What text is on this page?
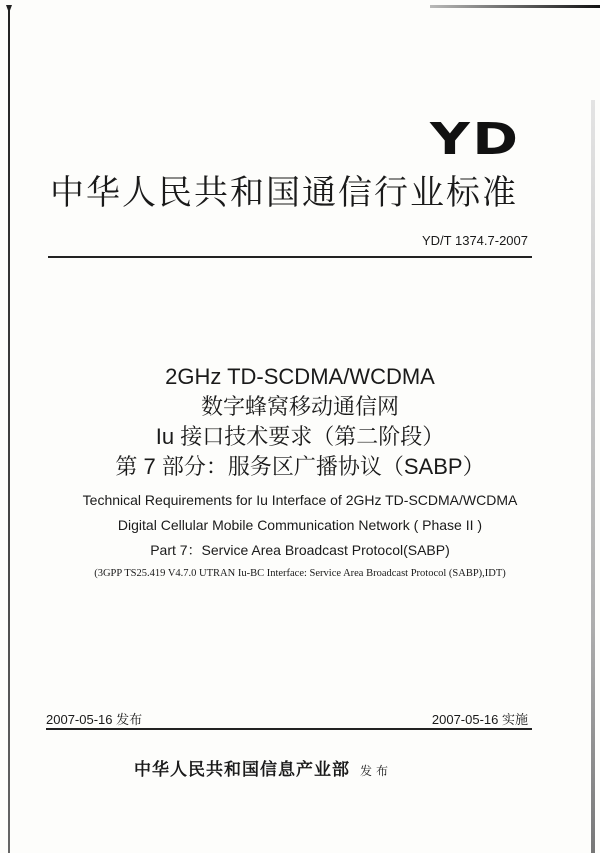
YD
中华人民共和国通信行业标准
YD/T 1374.7-2007
2GHz TD-SCDMA/WCDMA
数字蜂窝移动通信网
Iu 接口技术要求（第二阶段）
第 7 部分：服务区广播协议（SABP）
Technical Requirements for Iu Interface of 2GHz TD-SCDMA/WCDMA
Digital Cellular Mobile Communication Network ( Phase II )
Part 7：Service Area Broadcast Protocol(SABP)
(3GPP TS25.419 V4.7.0 UTRAN Iu-BC Interface: Service Area Broadcast Protocol (SABP),IDT)
2007-05-16 发布	2007-05-16 实施
中华人民共和国信息产业部 发布
